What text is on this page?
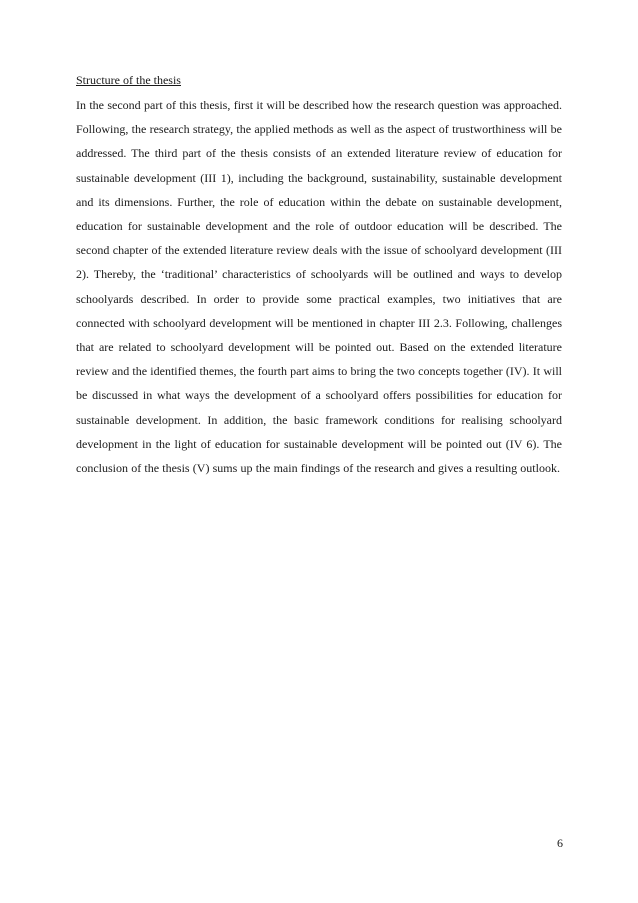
Structure of the thesis

In the second part of this thesis, first it will be described how the research question was approached. Following, the research strategy, the applied methods as well as the aspect of trustworthiness will be addressed. The third part of the thesis consists of an extended literature review of education for sustainable development (III 1), including the background, sustainability, sustainable development and its dimensions. Further, the role of education within the debate on sustainable development, education for sustainable development and the role of outdoor education will be described. The second chapter of the extended literature review deals with the issue of schoolyard development (III 2). Thereby, the ‘traditional’ characteristics of schoolyards will be outlined and ways to develop schoolyards described. In order to provide some practical examples, two initiatives that are connected with schoolyard development will be mentioned in chapter III 2.3. Following, challenges that are related to schoolyard development will be pointed out. Based on the extended literature review and the identified themes, the fourth part aims to bring the two concepts together (IV). It will be discussed in what ways the development of a schoolyard offers possibilities for education for sustainable development. In addition, the basic framework conditions for realising schoolyard development in the light of education for sustainable development will be pointed out (IV 6). The conclusion of the thesis (V) sums up the main findings of the research and gives a resulting outlook.

6
